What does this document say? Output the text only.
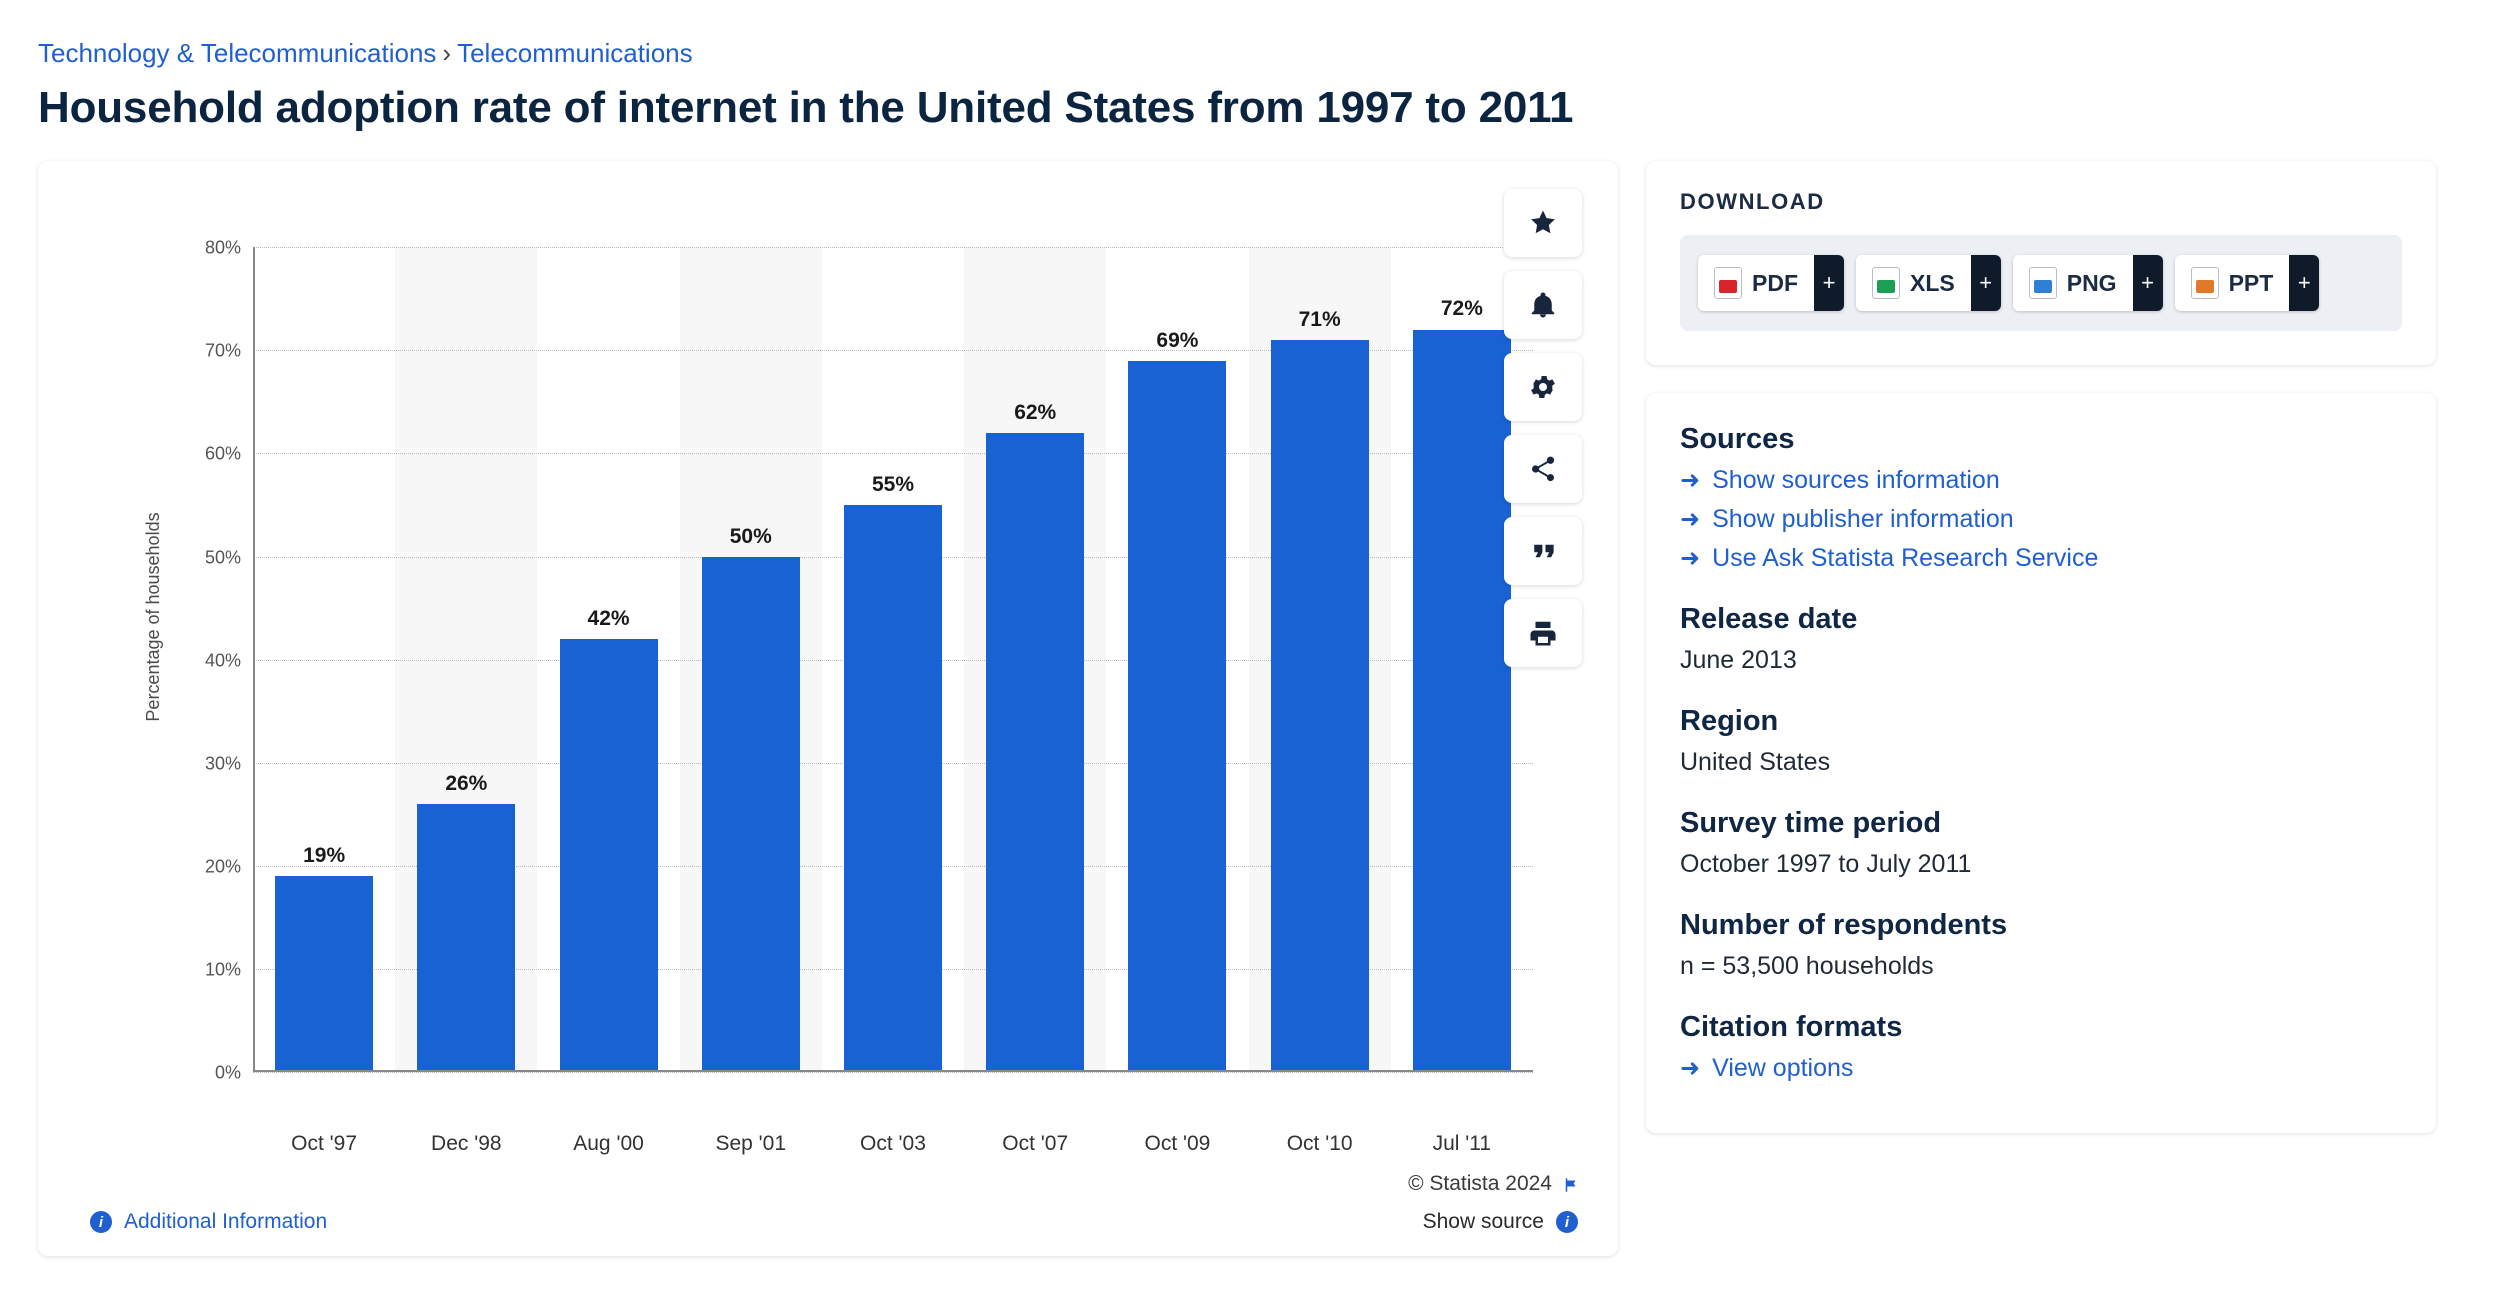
Technology & Telecommunications › Telecommunications
Household adoption rate of internet in the United States from 1997 to 2011
Percentage of households
0%
10%
20%
30%
40%
50%
60%
70%
80%
19%
26%
42%
50%
55%
62%
69%
71%	72%
Oct '97	Dec '98	Aug '00	Sep '01	Oct '03	Oct '07	Oct '09	Oct '10	Jul '11
© Statista 2024
i Additional Information	Show source	i
DOWNLOAD
PDF	+	XLS	+	PNG	+	PPT	+
Sources
➜ Show sources information
➜ Show publisher information
➜ Use Ask Statista Research Service
Release date
June 2013
Region
United States
Survey time period
October 1997 to July 2011
Number of respondents
n = 53,500 households
Citation formats
➜ View options
